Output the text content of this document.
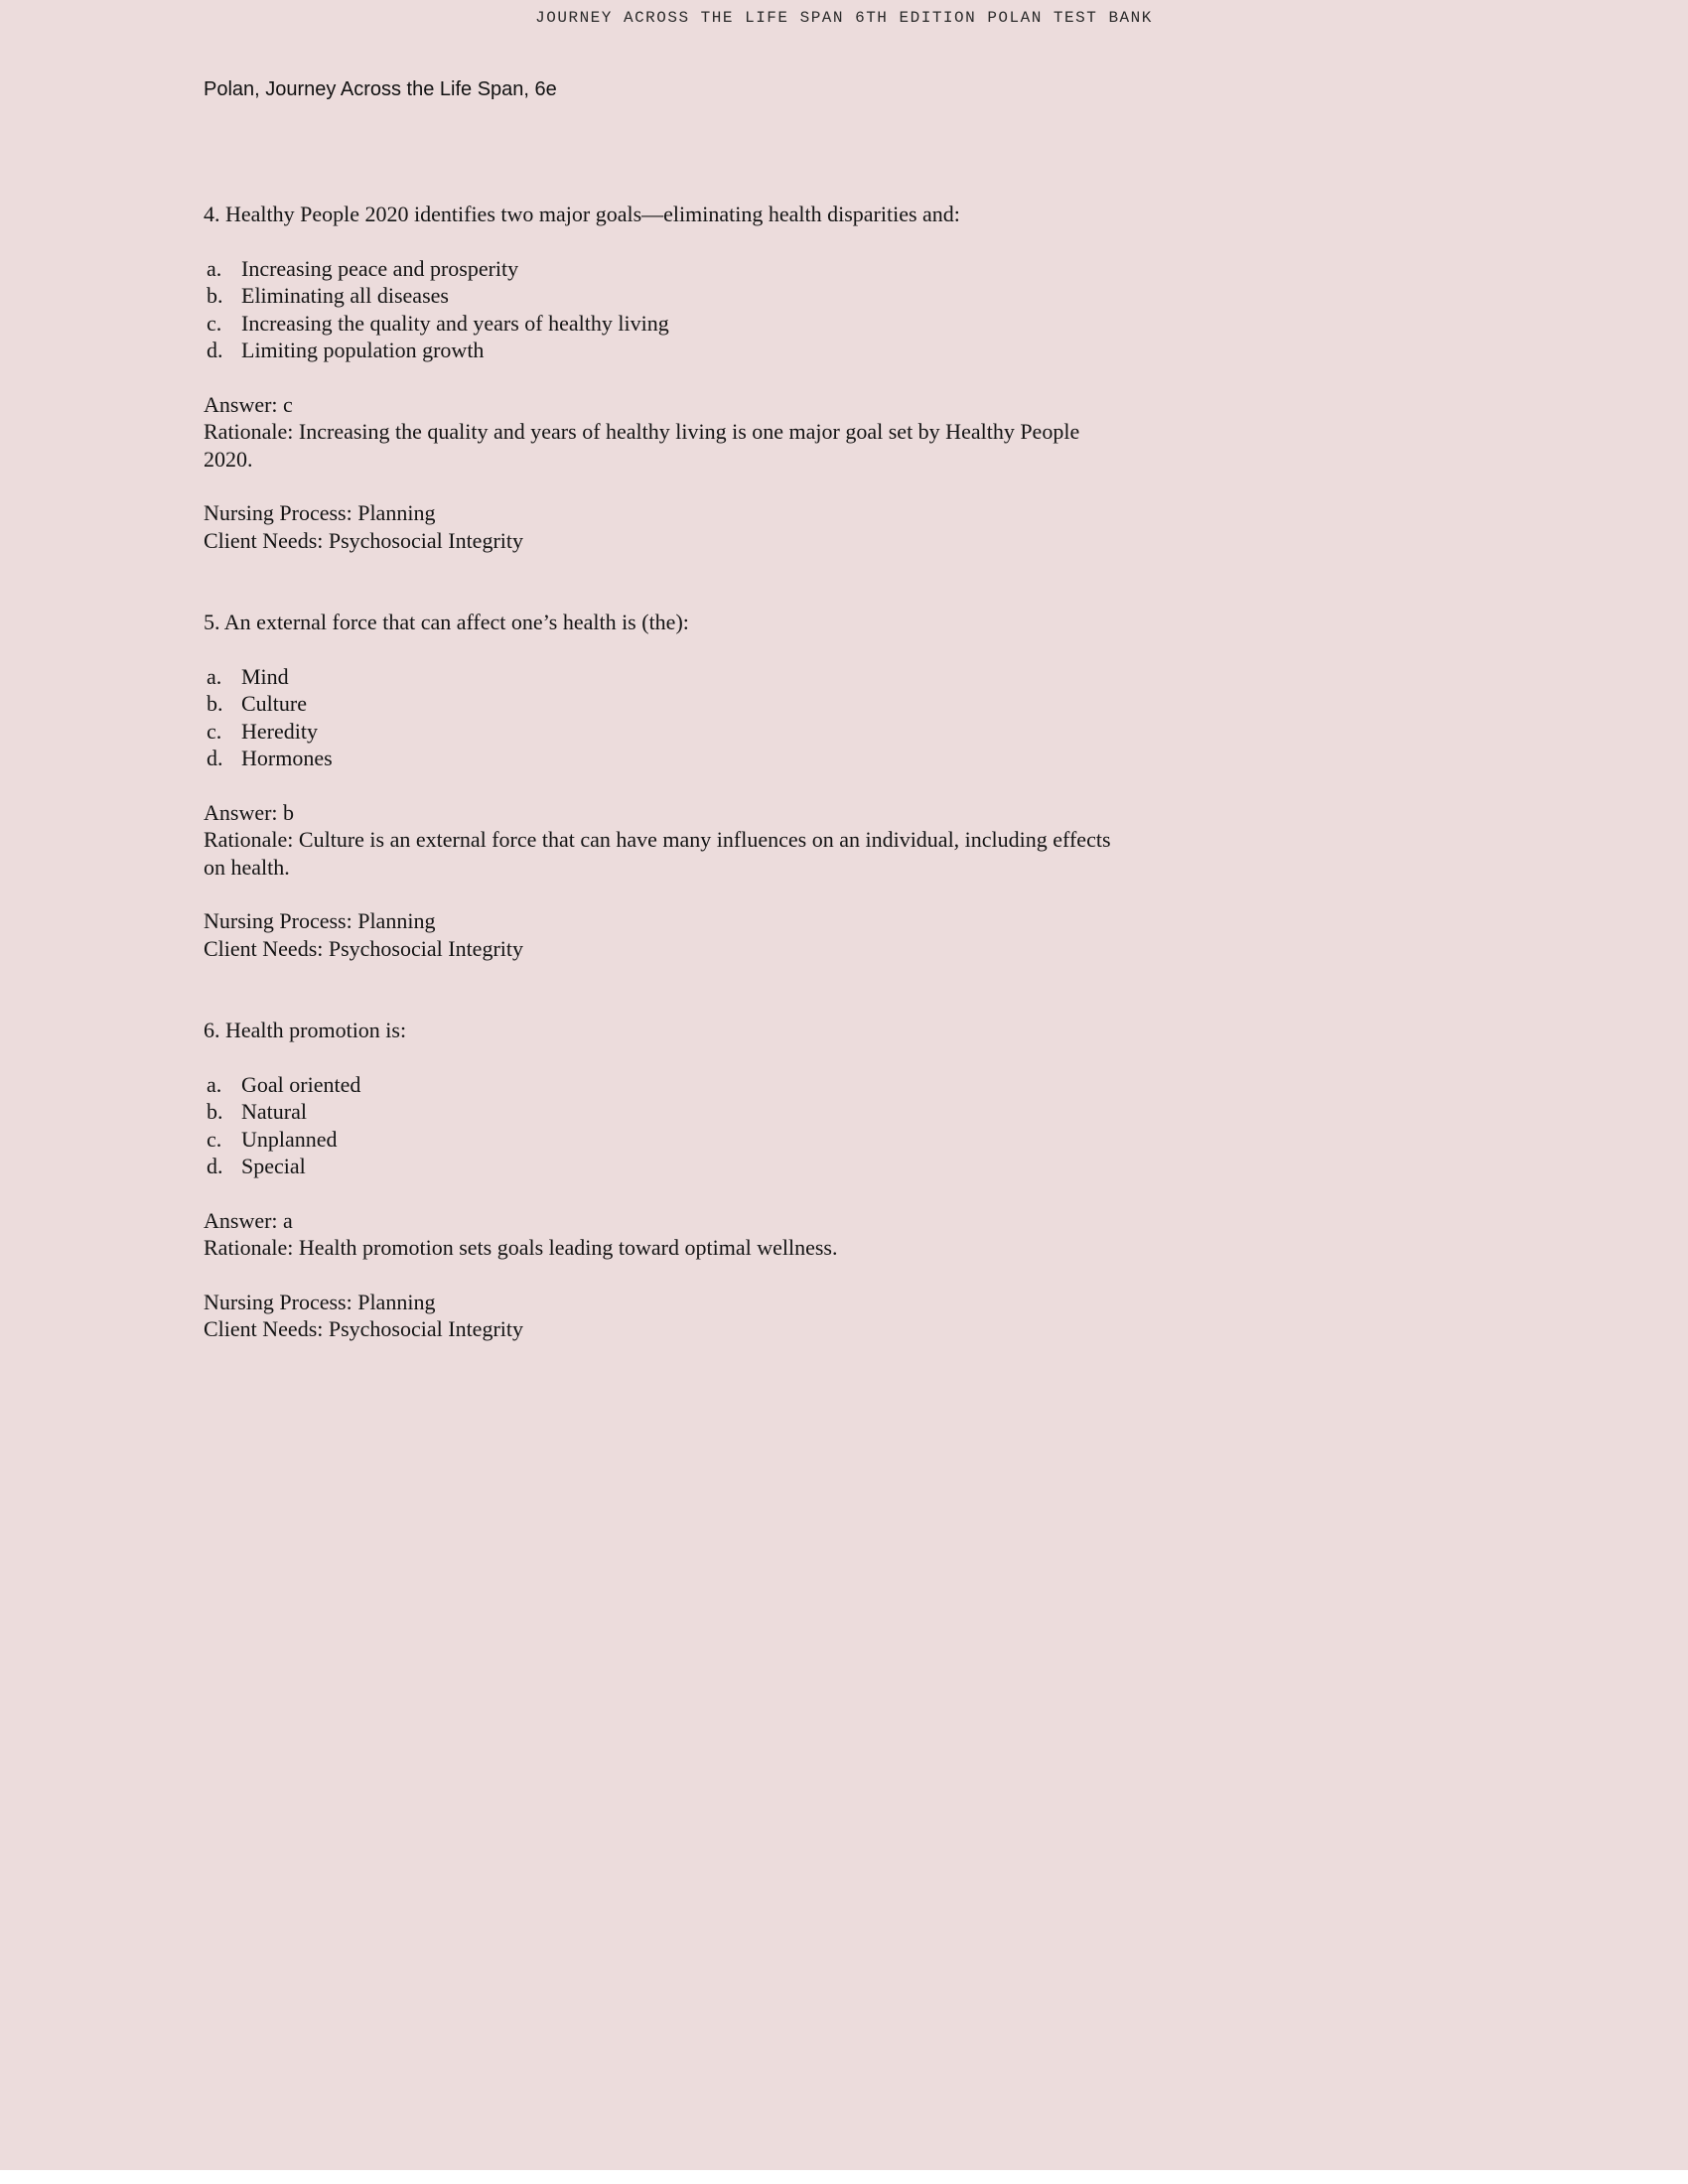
JOURNEY ACROSS THE LIFE SPAN 6TH EDITION POLAN TEST BANK
Polan, Journey Across the Life Span, 6e

4. Healthy People 2020 identifies two major goals—eliminating health disparities and:

a. Increasing peace and prosperity
b. Eliminating all diseases
c. Increasing the quality and years of healthy living
d. Limiting population growth

Answer: c

Rationale: Increasing the quality and years of healthy living is one major goal set by Healthy People 2020.

Nursing Process: Planning

Client Needs: Psychosocial Integrity

5. An external force that can affect one’s health is (the):

a. Mind
b. Culture
c. Heredity
d. Hormones

Answer: b

Rationale: Culture is an external force that can have many influences on an individual, including effects on health.

Nursing Process: Planning

Client Needs: Psychosocial Integrity

6. Health promotion is:

a. Goal oriented
b. Natural
c. Unplanned
d. Special

Answer: a

Rationale: Health promotion sets goals leading toward optimal wellness.

Nursing Process: Planning

Client Needs: Psychosocial Integrity
